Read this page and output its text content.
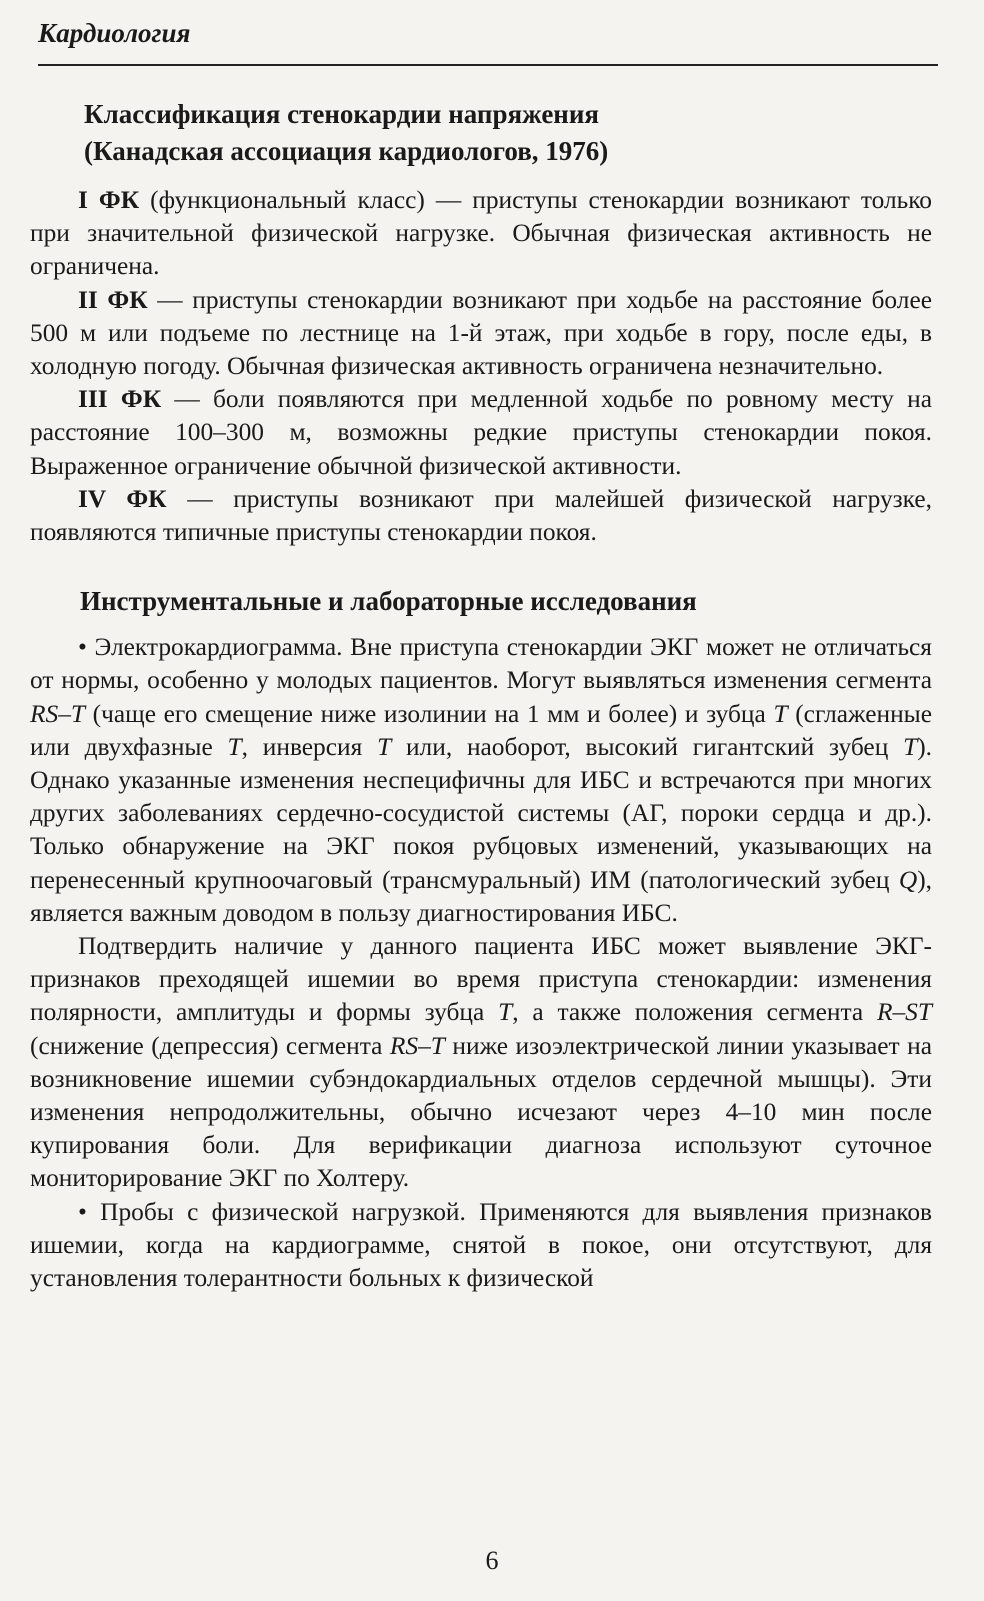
Кардиология
Классификация стенокардии напряжения
(Канадская ассоциация кардиологов, 1976)

I ФК (функциональный класс) — приступы стенокардии возникают только при значительной физической нагрузке. Обычная физическая активность не ограничена.

II ФК — приступы стенокардии возникают при ходьбе на расстояние более 500 м или подъеме по лестнице на 1-й этаж, при ходьбе в гору, после еды, в холодную погоду. Обычная физическая активность ограничена незначительно.

III ФК — боли появляются при медленной ходьбе по ровному месту на расстояние 100–300 м, возможны редкие приступы стенокардии покоя. Выраженное ограничение обычной физической активности.

IV ФК — приступы возникают при малейшей физической нагрузке, появляются типичные приступы стенокардии покоя.

Инструментальные и лабораторные исследования

• Электрокардиограмма. Вне приступа стенокардии ЭКГ может не отличаться от нормы, особенно у молодых пациентов. Могут выявляться изменения сегмента RS–T (чаще его смещение ниже изолинии на 1 мм и более) и зубца T (сглаженные или двухфазные T, инверсия T или, наоборот, высокий гигантский зубец T). Однако указанные изменения неспецифичны для ИБС и встречаются при многих других заболеваниях сердечно-сосудистой системы (АГ, пороки сердца и др.). Только обнаружение на ЭКГ покоя рубцовых изменений, указывающих на перенесенный крупноочаговый (трансмуральный) ИМ (патологический зубец Q), является важным доводом в пользу диагностирования ИБС.

Подтвердить наличие у данного пациента ИБС может выявление ЭКГ-признаков преходящей ишемии во время приступа стенокардии: изменения полярности, амплитуды и формы зубца T, а также положения сегмента R–ST (снижение (депрессия) сегмента RS–T ниже изоэлектрической линии указывает на возникновение ишемии субэндокардиальных отделов сердечной мышцы). Эти изменения непродолжительны, обычно исчезают через 4–10 мин после купирования боли. Для верификации диагноза используют суточное мониторирование ЭКГ по Холтеру.

• Пробы с физической нагрузкой. Применяются для выявления признаков ишемии, когда на кардиограмме, снятой в покое, они отсутствуют, для установления толерантности больных к физической

6
